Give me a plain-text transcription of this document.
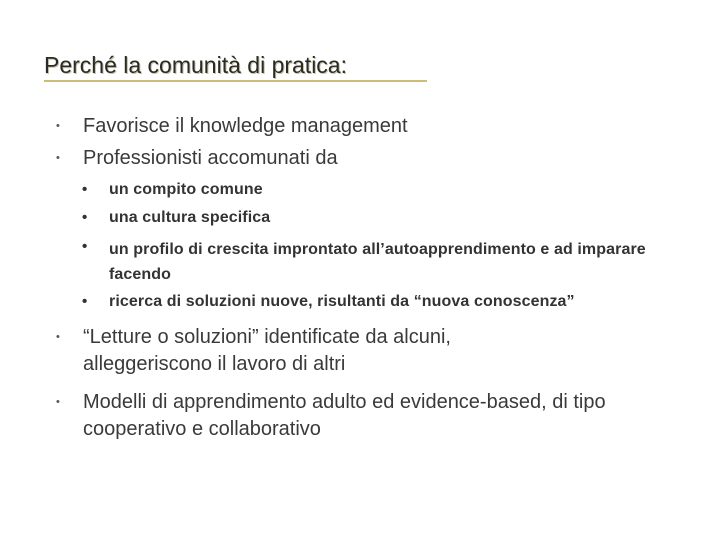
Perché la comunità di pratica:
• Favorisce il knowledge management
• Professionisti accomunati da
• un compito comune
• una cultura specifica
• un profilo di crescita improntato all’autoapprendimento e ad imparare facendo
• ricerca di soluzioni nuove, risultanti da “nuova conoscenza”
• “Letture o soluzioni” identificate da alcuni, alleggeriscono il lavoro di altri
• Modelli di apprendimento adulto ed evidence-based, di tipo cooperativo e collaborativo
